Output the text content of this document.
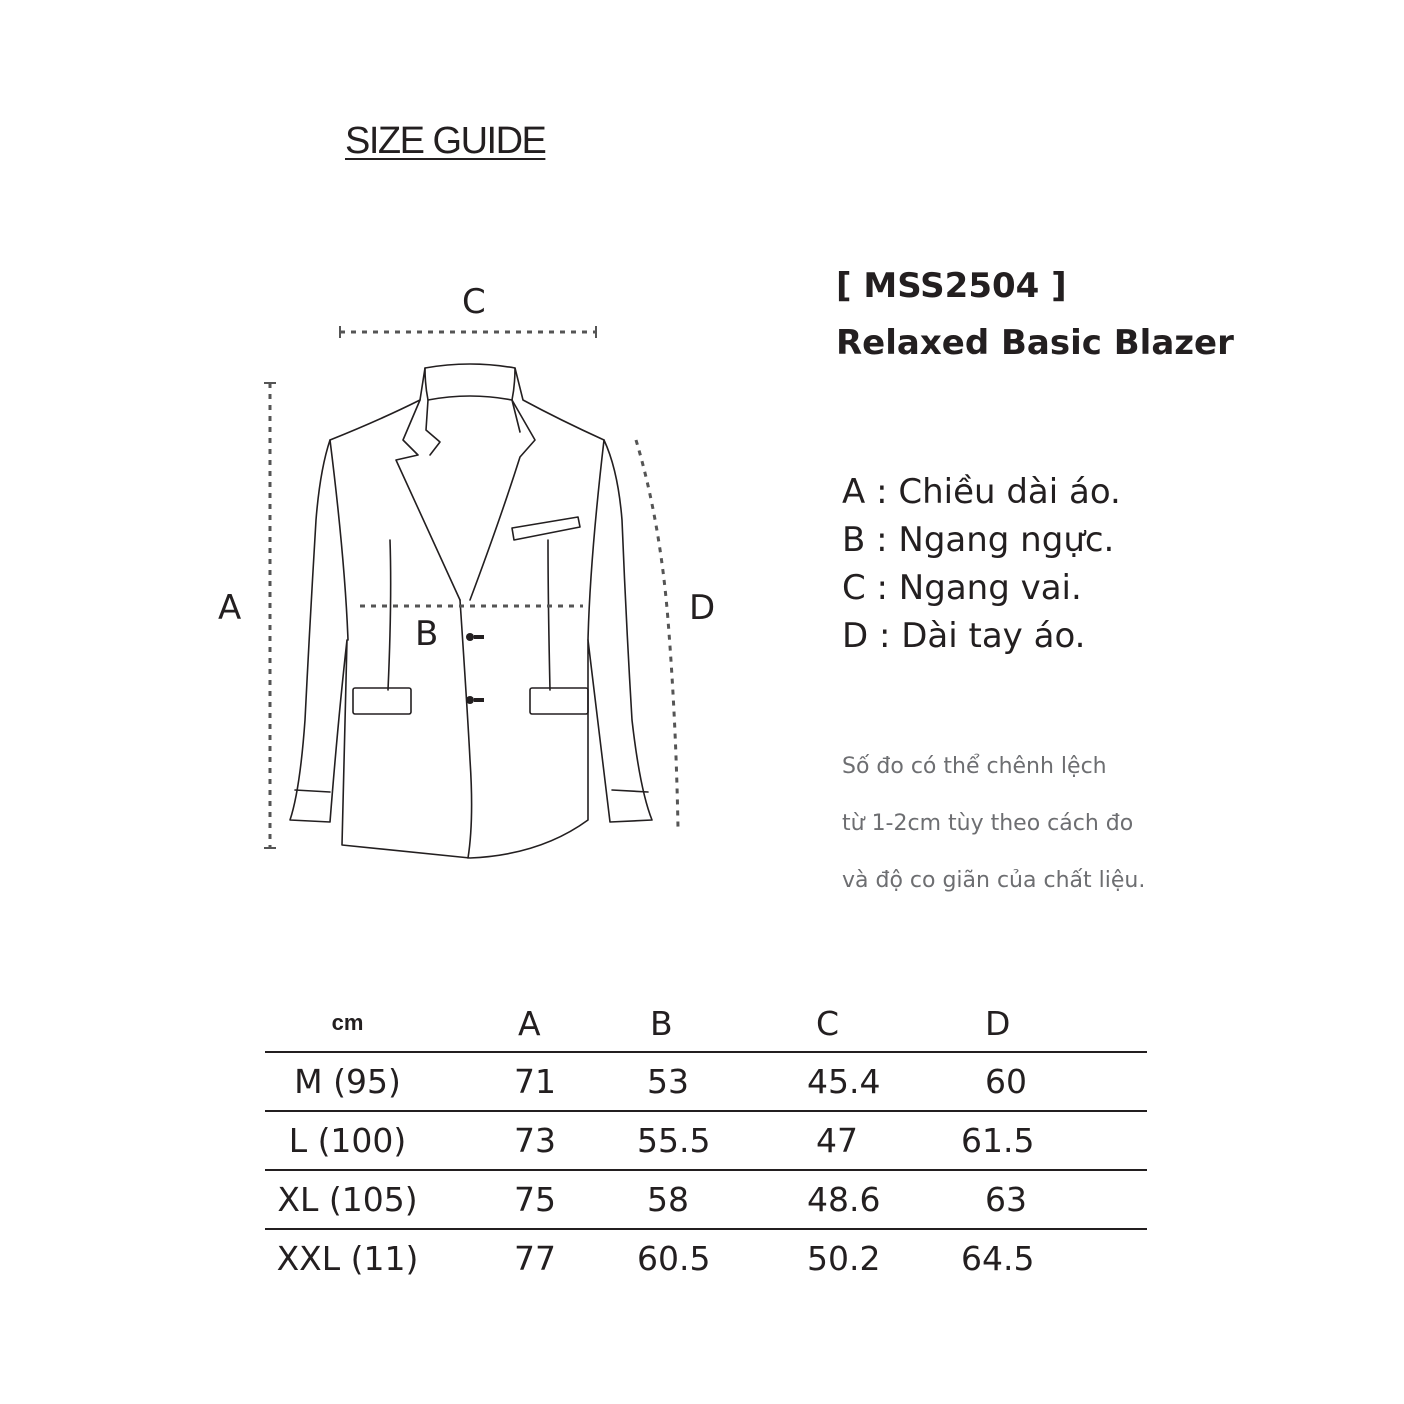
SIZE GUIDE
C
A
B
D
[ MSS2504 ]
Relaxed Basic Blazer
A : Chiều dài áo.
B : Ngang ngực.
C : Ngang vai.
D : Dài tay áo.
Số đo có thể chênh lệch
từ 1-2cm tùy theo cách đo
và độ co giãn của chất liệu.
cm	A	B	C	D	
M (95)	71	53	45.4	60	
L (100)	73	55.5	47	61.5	
XL (105)	75	58	48.6	63	
XXL (11)	77	60.5	50.2	64.5	
